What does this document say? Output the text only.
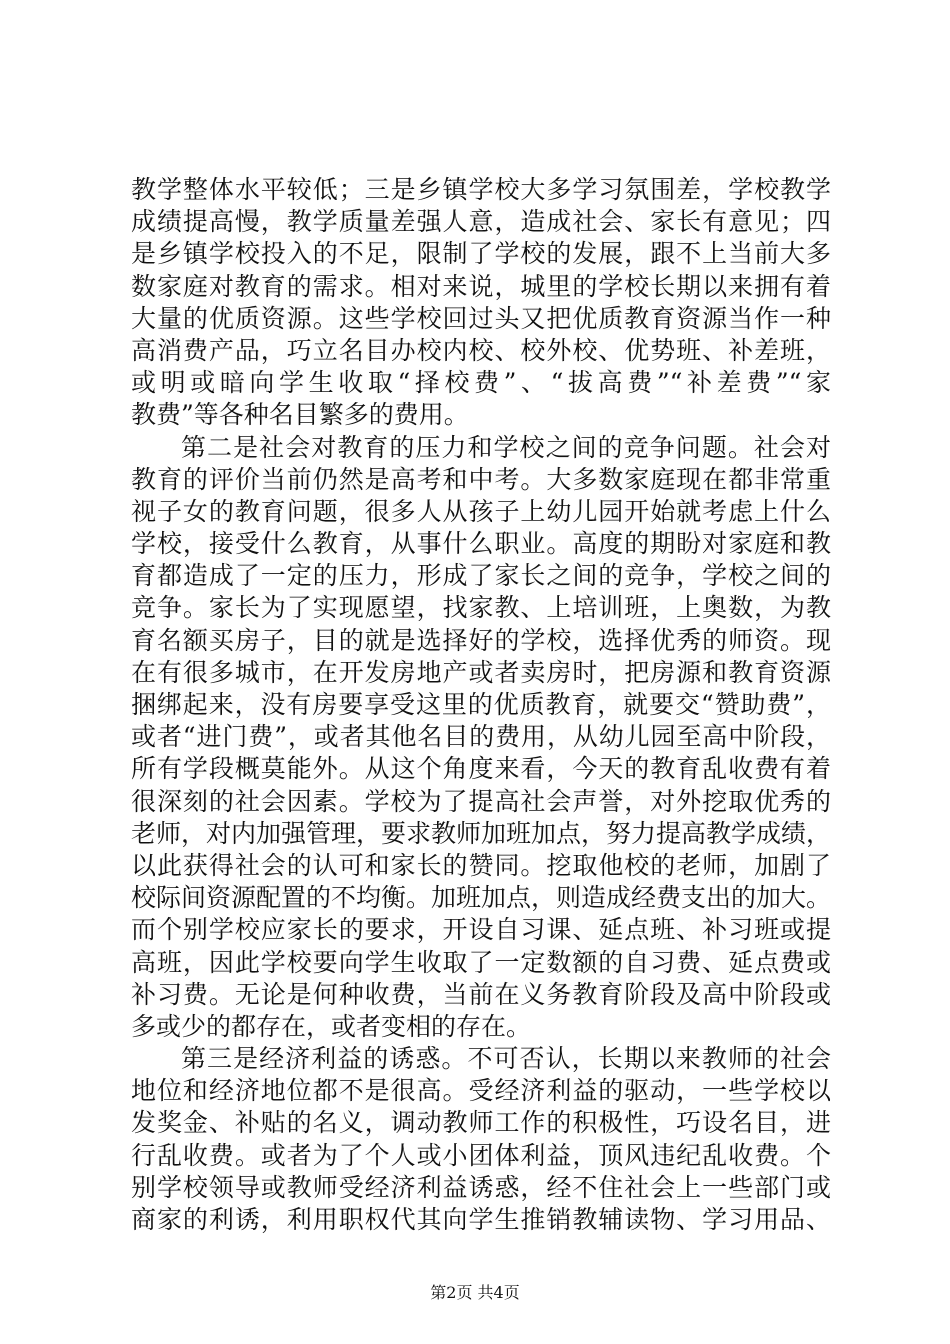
教学整体水平较低；三是乡镇学校大多学习氛围差，学校教学
成绩提高慢，教学质量差强人意，造成社会、家长有意见；四
是乡镇学校投入的不足，限制了学校的发展，跟不上当前大多
数家庭对教育的需求。相对来说，城里的学校长期以来拥有着
大量的优质资源。这些学校回过头又把优质教育资源当作一种
高消费产品，巧立名目办校内校、校外校、优势班、补差班，
或明或暗向学生收取“择校费”、“拔高费”“补差费”“家
教费”等各种名目繁多的费用。
第二是社会对教育的压力和学校之间的竞争问题。社会对
教育的评价当前仍然是高考和中考。大多数家庭现在都非常重
视子女的教育问题，很多人从孩子上幼儿园开始就考虑上什么
学校，接受什么教育，从事什么职业。高度的期盼对家庭和教
育都造成了一定的压力，形成了家长之间的竞争，学校之间的
竞争。家长为了实现愿望，找家教、上培训班，上奥数，为教
育名额买房子，目的就是选择好的学校，选择优秀的师资。现
在有很多城市，在开发房地产或者卖房时，把房源和教育资源
捆绑起来，没有房要享受这里的优质教育，就要交“赞助费”，
或者“进门费”，或者其他名目的费用，从幼儿园至高中阶段，
所有学段概莫能外。从这个角度来看，今天的教育乱收费有着
很深刻的社会因素。学校为了提高社会声誉，对外挖取优秀的
老师，对内加强管理，要求教师加班加点，努力提高教学成绩，
以此获得社会的认可和家长的赞同。挖取他校的老师，加剧了
校际间资源配置的不均衡。加班加点，则造成经费支出的加大。
而个别学校应家长的要求，开设自习课、延点班、补习班或提
高班，因此学校要向学生收取了一定数额的自习费、延点费或
补习费。无论是何种收费，当前在义务教育阶段及高中阶段或
多或少的都存在，或者变相的存在。
第三是经济利益的诱惑。不可否认，长期以来教师的社会
地位和经济地位都不是很高。受经济利益的驱动，一些学校以
发奖金、补贴的名义，调动教师工作的积极性，巧设名目，进
行乱收费。或者为了个人或小团体利益，顶风违纪乱收费。个
别学校领导或教师受经济利益诱惑，经不住社会上一些部门或
商家的利诱，利用职权代其向学生推销教辅读物、学习用品、
第2页 共4页
